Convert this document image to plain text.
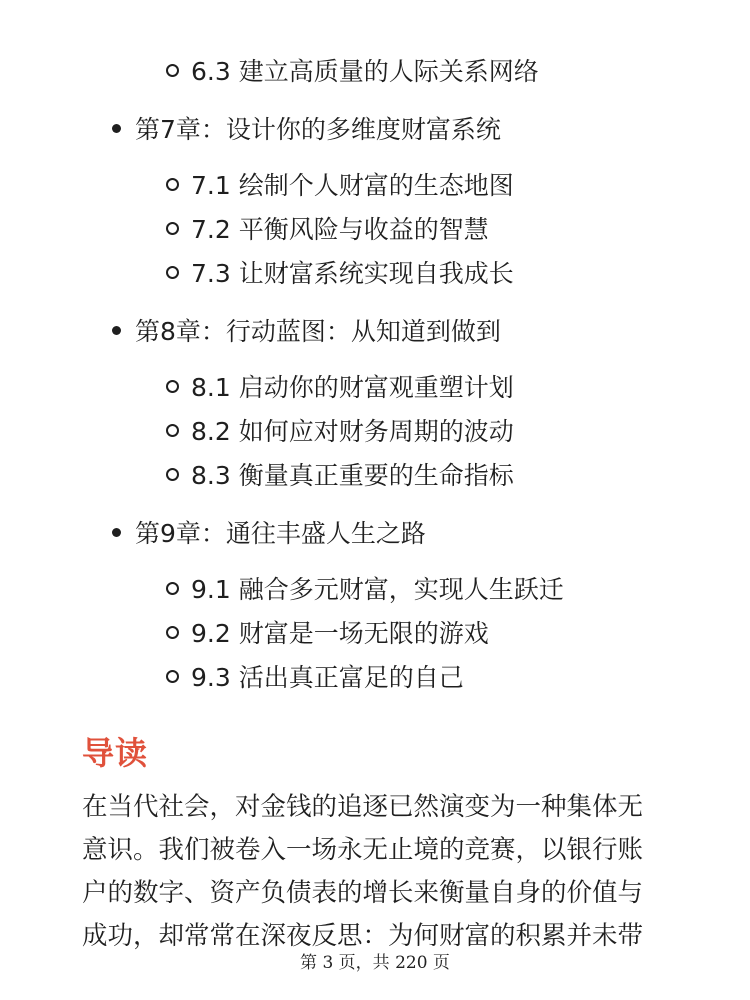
6.3 建立高质量的人际关系网络
第7章：设计你的多维度财富系统
7.1 绘制个人财富的生态地图
7.2 平衡风险与收益的智慧
7.3 让财富系统实现自我成长
第8章：行动蓝图：从知道到做到
8.1 启动你的财富观重塑计划
8.2 如何应对财务周期的波动
8.3 衡量真正重要的生命指标
第9章：通往丰盛人生之路
9.1 融合多元财富，实现人生跃迁
9.2 财富是一场无限的游戏
9.3 活出真正富足的自己
导读
在当代社会，对金钱的追逐已然演变为一种集体无
意识。我们被卷入一场永无止境的竞赛，以银行账
户的数字、资产负债表的增长来衡量自身的价值与
成功，却常常在深夜反思：为何财富的积累并未带
第 3 页，共 220 页
